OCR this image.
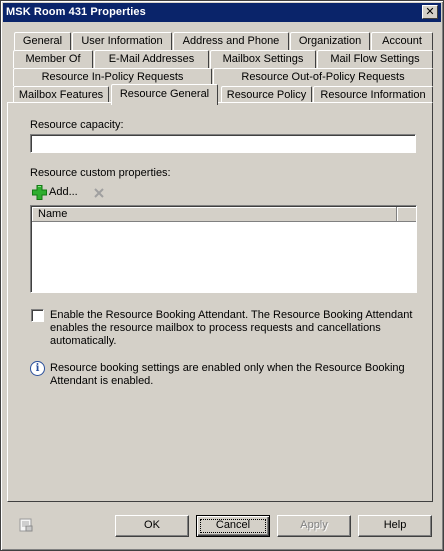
MSK Room 431 Properties	✕
General	User Information	Address and Phone	Organization	Account
Member Of	E-Mail Addresses	Mailbox Settings	Mail Flow Settings
Resource In-Policy Requests	Resource Out-of-Policy Requests
Mailbox Features	Resource General	Resource Policy	Resource Information
Resource capacity:
Resource custom properties:
Add...
Name
Enable the Resource Booking Attendant. The Resource Booking Attendant enables the resource mailbox to process requests and cancellations automatically.
i Resource booking settings are enabled only when the Resource Booking Attendant is enabled.
OK	Cancel	Apply	Help
